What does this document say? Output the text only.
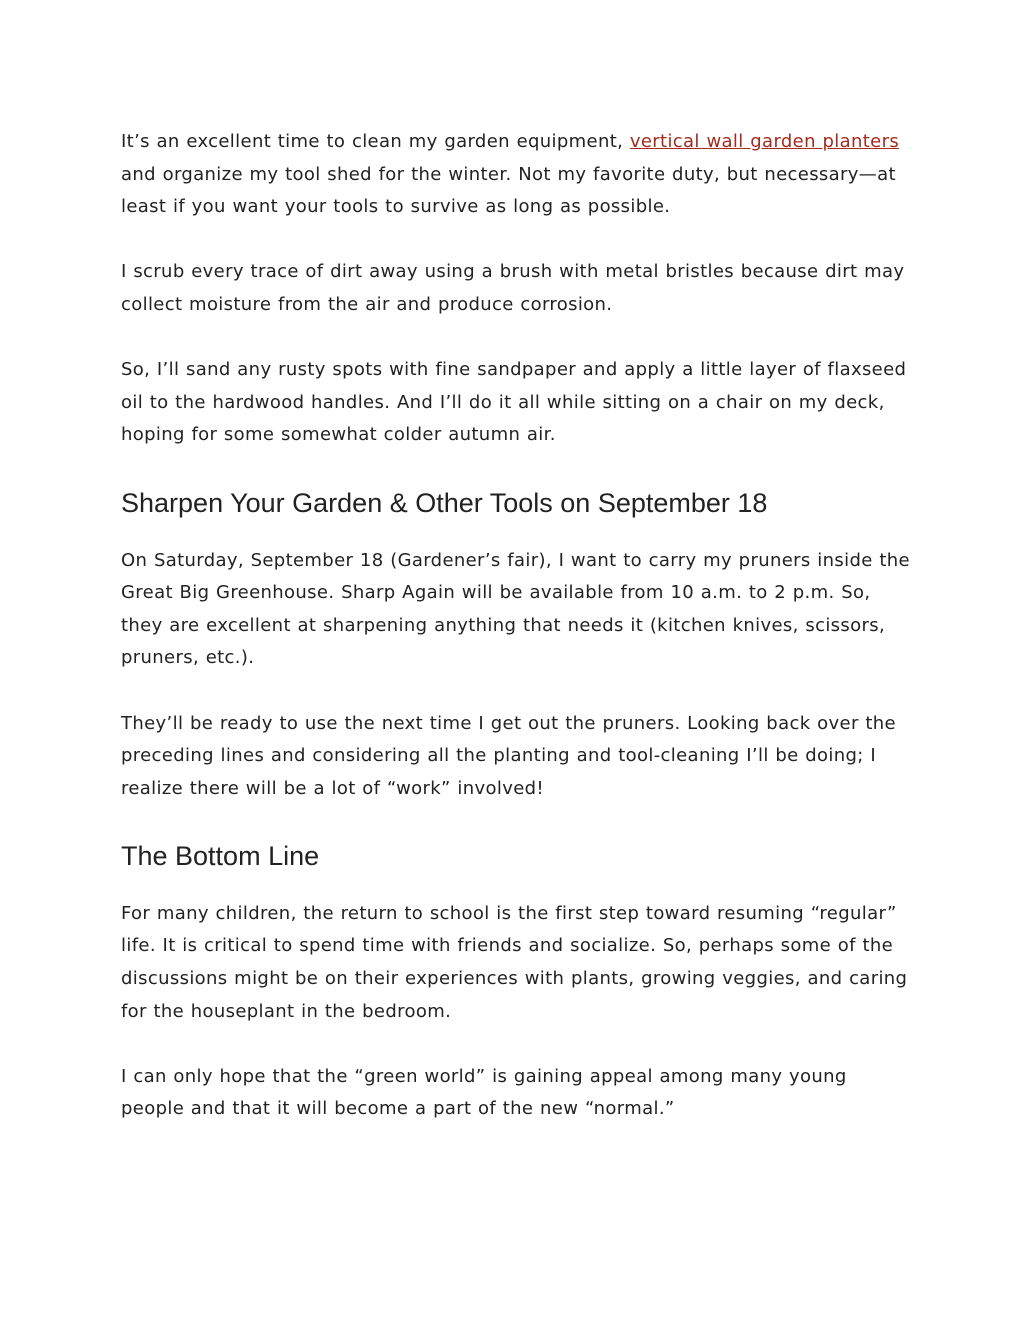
It’s an excellent time to clean my garden equipment, vertical wall garden planters and organize my tool shed for the winter. Not my favorite duty, but necessary—at least if you want your tools to survive as long as possible.

I scrub every trace of dirt away using a brush with metal bristles because dirt may collect moisture from the air and produce corrosion.

So, I’ll sand any rusty spots with fine sandpaper and apply a little layer of flaxseed oil to the hardwood handles. And I’ll do it all while sitting on a chair on my deck, hoping for some somewhat colder autumn air.

Sharpen Your Garden & Other Tools on September 18

On Saturday, September 18 (Gardener’s fair), I want to carry my pruners inside the Great Big Greenhouse. Sharp Again will be available from 10 a.m. to 2 p.m. So, they are excellent at sharpening anything that needs it (kitchen knives, scissors, pruners, etc.).

They’ll be ready to use the next time I get out the pruners. Looking back over the preceding lines and considering all the planting and tool-cleaning I’ll be doing; I realize there will be a lot of “work” involved!

The Bottom Line

For many children, the return to school is the first step toward resuming “regular” life. It is critical to spend time with friends and socialize. So, perhaps some of the discussions might be on their experiences with plants, growing veggies, and caring for the houseplant in the bedroom.

I can only hope that the “green world” is gaining appeal among many young people and that it will become a part of the new “normal.”
